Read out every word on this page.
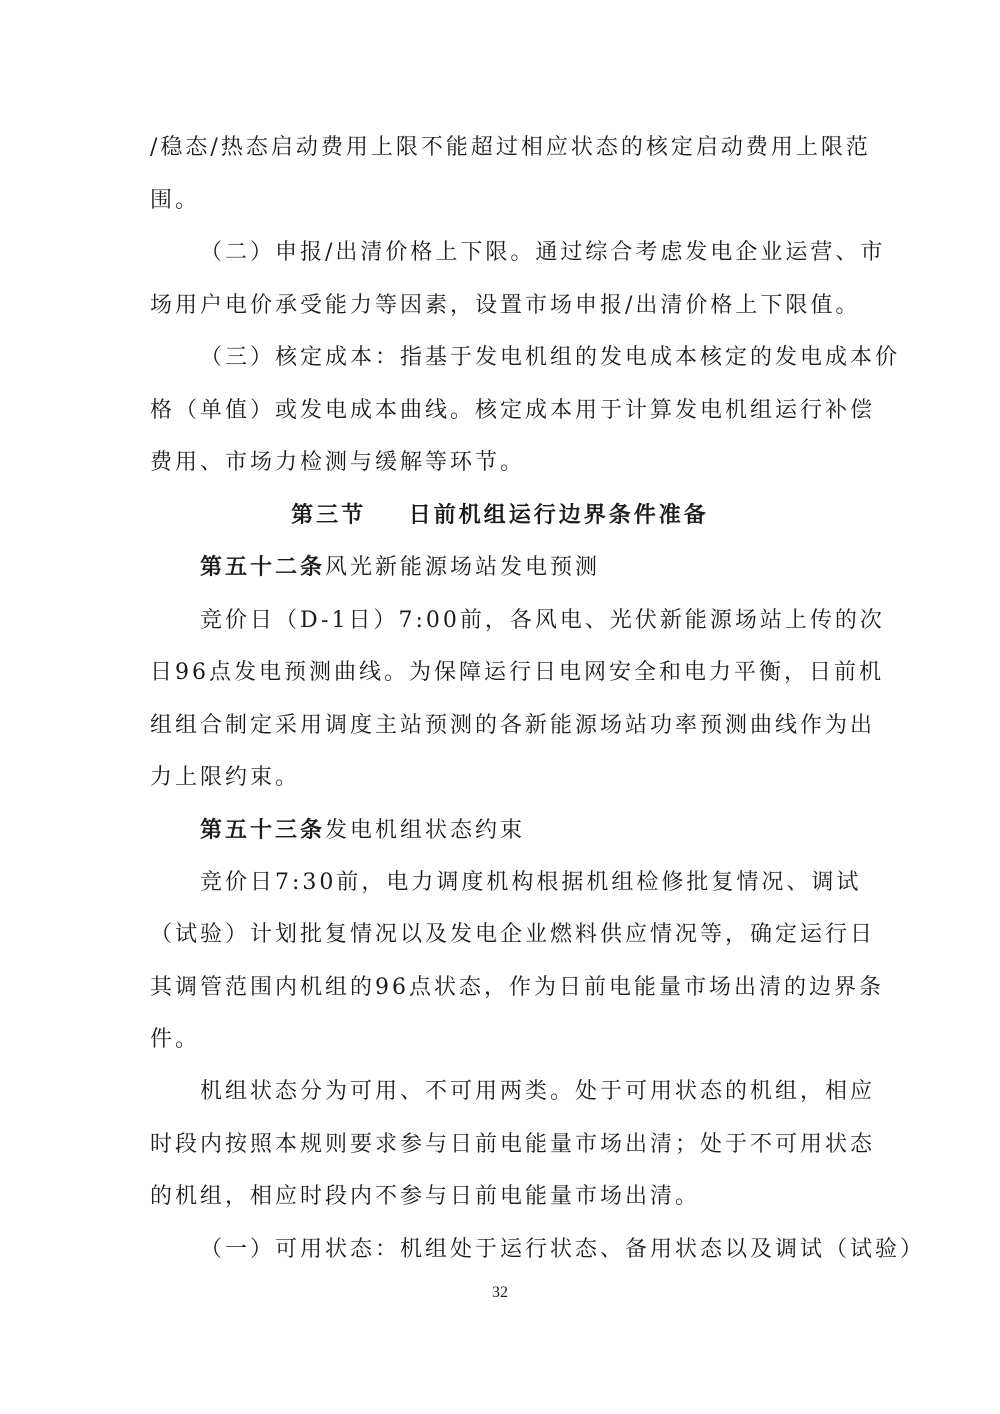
/稳态/热态启动费用上限不能超过相应状态的核定启动费用上限范
围。
（二）申报/出清价格上下限。通过综合考虑发电企业运营、市
场用户电价承受能力等因素，设置市场申报/出清价格上下限值。
（三）核定成本：指基于发电机组的发电成本核定的发电成本价
格（单值）或发电成本曲线。核定成本用于计算发电机组运行补偿
费用、市场力检测与缓解等环节。
第三节    日前机组运行边界条件准备
第五十二条风光新能源场站发电预测
竞价日（D-1日）7:00前，各风电、光伏新能源场站上传的次
日96点发电预测曲线。为保障运行日电网安全和电力平衡，日前机
组组合制定采用调度主站预测的各新能源场站功率预测曲线作为出
力上限约束。
第五十三条发电机组状态约束
竞价日7:30前，电力调度机构根据机组检修批复情况、调试
（试验）计划批复情况以及发电企业燃料供应情况等，确定运行日
其调管范围内机组的96点状态，作为日前电能量市场出清的边界条
件。
机组状态分为可用、不可用两类。处于可用状态的机组，相应
时段内按照本规则要求参与日前电能量市场出清；处于不可用状态
的机组，相应时段内不参与日前电能量市场出清。
（一）可用状态：机组处于运行状态、备用状态以及调试（试验）
32
